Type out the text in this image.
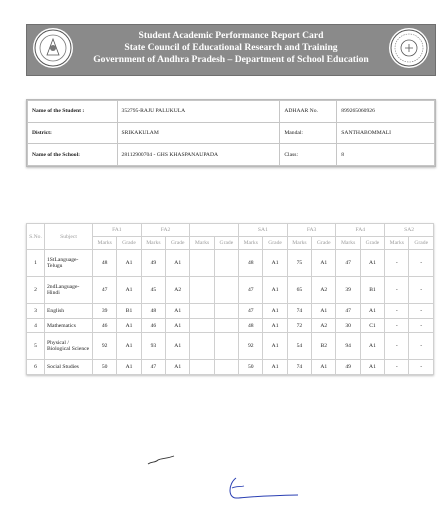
Student Academic Performance Report Card
State Council of Educational Research and Training
Government of Andhra Pradesh – Department of School Education
Name of the Student :	352795-RAJU PALUKULA	ADHAAR No.	899265060926
District:	SRIKAKULAM	Mandal:	SANTHABOMMALI
Name of the School:	28112900704 - GHS KHASPANAUPADA	Class:	8
S.No.	Subject	FA1		FA2				SA1		FA3		FA4		SA2	
		Marks	Grade	Marks	Grade	Marks	Grade	Marks	Grade	Marks	Grade	Marks	Grade	Marks	Grade
1	1StLanguage-Telugu	48	A1	49	A1			48	A1	75	A1	47	A1	-	-
2	2ndLanguage-Hindi	47	A1	45	A2			47	A1	65	A2	39	B1	-	-
3	English	39	B1	48	A1			47	A1	74	A1	47	A1	-	-
4	Mathematics	46	A1	46	A1			48	A1	72	A2	30	C1	-	-
5	Physical / Biological Science	92	A1	93	A1			92	A1	54	B2	94	A1	-	-
6	Social Studies	50	A1	47	A1			50	A1	74	A1	49	A1	-	-
